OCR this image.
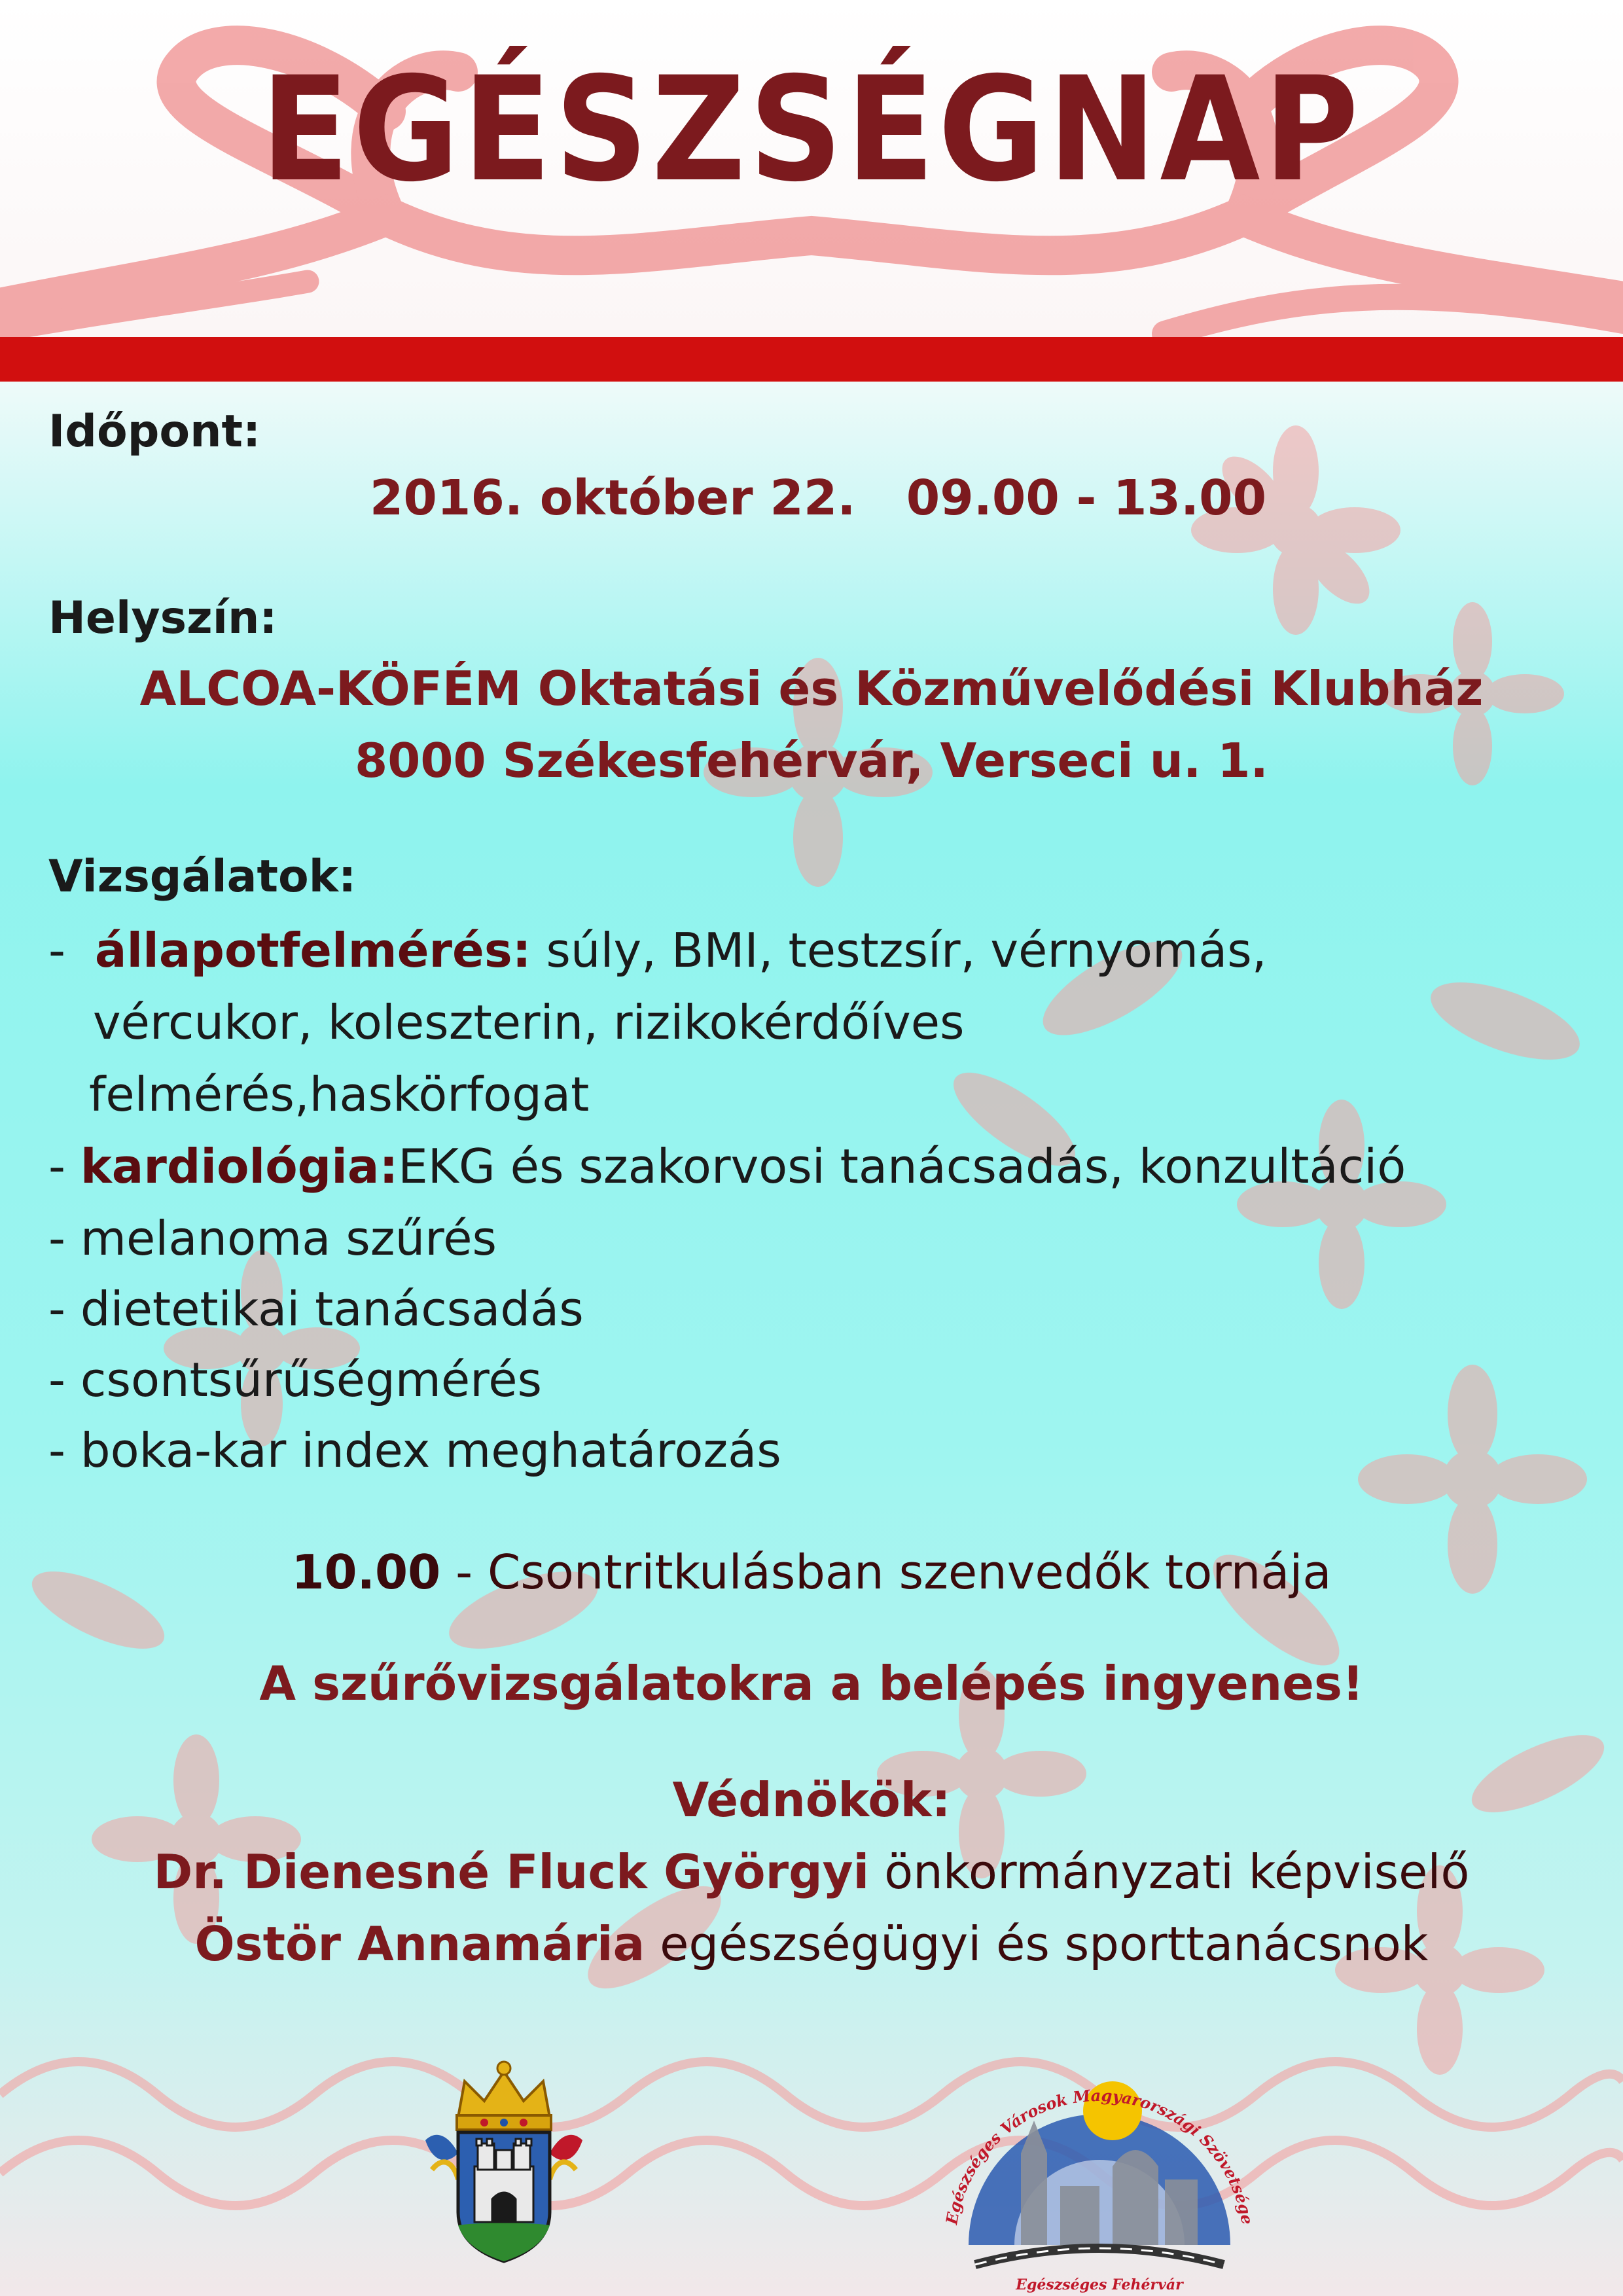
EGÉSZSÉGNAP
Időpont:
2016. október 22.   09.00 - 13.00
Helyszín:
ALCOA-KÖFÉM Oktatási és Közművelődési Klubház
8000 Székesfehérvár, Verseci u. 1.
Vizsgálatok:
- állapotfelmérés: súly, BMI, testzsír, vérnyomás,
vércukor, koleszterin, rizikokérdőíves
felmérés,haskörfogat
- kardiológia:EKG és szakorvosi tanácsadás, konzultáció
- melanoma szűrés
- dietetikai tanácsadás
- csontsűrűségmérés
- boka-kar index meghatározás
10.00 - Csontritkulásban szenvedők tornája
A szűrővizsgálatokra a belépés ingyenes!
Védnökök:
Dr. Dienesné Fluck Györgyi önkormányzati képviselő
Östör Annamária egészségügyi és sporttanácsnok
Egészséges Városok Magyarországi Szövetsége
Egészséges Fehérvár
